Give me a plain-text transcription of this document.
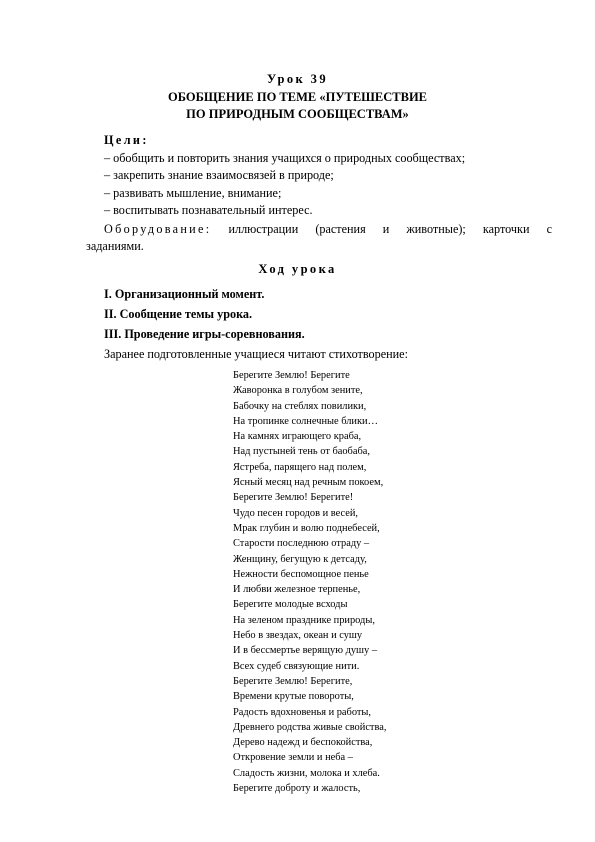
Урок 39
ОБОБЩЕНИЕ ПО ТЕМЕ «ПУТЕШЕСТВИЕ
ПО ПРИРОДНЫМ СООБЩЕСТВАМ»
Цели:
– обобщить и повторить знания учащихся о природных сообществах;
– закрепить знание взаимосвязей в природе;
– развивать мышление, внимание;
– воспитывать познавательный интерес.
Оборудование: иллюстрации (растения и животные); карточки с
заданиями.
Ход урока
I. Организационный момент.
II. Сообщение темы урока.
III. Проведение игры-соревнования.
Заранее подготовленные учащиеся читают стихотворение:
Берегите Землю! Берегите
Жаворонка в голубом зените,
Бабочку на стеблях повилики,
На тропинке солнечные блики…
На камнях играющего краба,
Над пустыней тень от баобаба,
Ястреба, парящего над полем,
Ясный месяц над речным покоем,
Берегите Землю! Берегите!
Чудо песен городов и весей,
Мрак глубин и волю поднебесей,
Старости последнюю отраду –
Женщину, бегущую к детсаду,
Нежности беспомощное пенье
И любви железное терпенье,
Берегите молодые всходы
На зеленом празднике природы,
Небо в звездах, океан и сушу
И в бессмертье верящую душу –
Всех судеб связующие нити.
Берегите Землю! Берегите,
Времени крутые повороты,
Радость вдохновенья и работы,
Древнего родства живые свойства,
Дерево надежд и беспокойства,
Откровение земли и неба –
Сладость жизни, молока и хлеба.
Берегите доброту и жалость,
